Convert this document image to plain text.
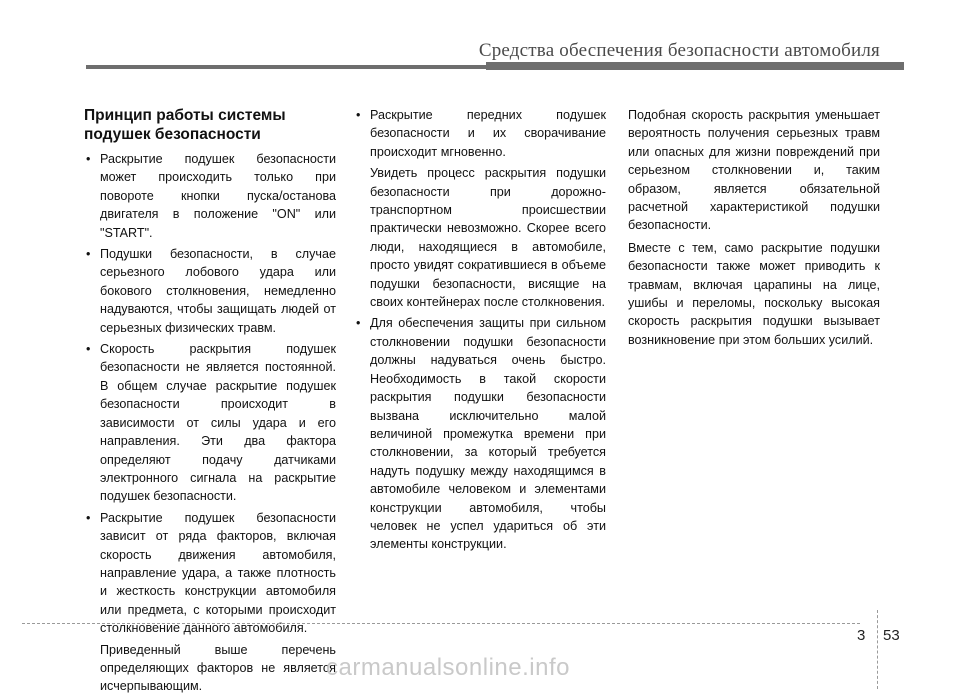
Средства обеспечения безопасности автомобиля
Принцип работы системы подушек безопасности
• Раскрытие подушек безопасности может происходить только при повороте кнопки пуска/останова двигателя в положение "ON" или "START".
• Подушки безопасности, в случае серьезного лобового удара или бокового столкновения, немедленно надуваются, чтобы защищать людей от серьезных физических травм.
• Скорость раскрытия подушек безопасности не является постоянной. В общем случае раскрытие подушек безопасности происходит в зависимости от силы удара и его направления. Эти два фактора определяют подачу датчиками электронного сигнала на раскрытие подушек безопасности.
• Раскрытие подушек безопасности зависит от ряда факторов, включая скорость движения автомобиля, направление удара, а также плотность и жесткость конструкции автомобиля или предмета, с которыми происходит столкновение данного автомобиля.
Приведенный выше перечень определяющих факторов не является исчерпывающим.
• Раскрытие передних подушек безопасности и их сворачивание происходит мгновенно.
Увидеть процесс раскрытия подушки безопасности при дорожно-транспортном происшествии практически невозможно. Скорее всего люди, находящиеся в автомобиле, просто увидят сократившиеся в объеме подушки безопасности, висящие на своих контейнерах после столкновения.
• Для обеспечения защиты при сильном столкновении подушки безопасности должны надуваться очень быстро. Необходимость в такой скорости раскрытия подушки безопасности вызвана исключительно малой величиной промежутка времени при столкновении, за который требуется надуть подушку между находящимся в автомобиле человеком и элементами конструкции автомобиля, чтобы человек не успел удариться об эти элементы конструкции.
Подобная скорость раскрытия уменьшает вероятность получения серьезных травм или опасных для жизни повреждений при серьезном столкновении и, таким образом, является обязательной расчетной характеристикой подушки безопасности.
Вместе с тем, само раскрытие подушки безопасности также может приводить к травмам, включая царапины на лице, ушибы и переломы, поскольку высокая скорость раскрытия подушки вызывает возникновение при этом больших усилий.
3 53
carmanualsonline.info
